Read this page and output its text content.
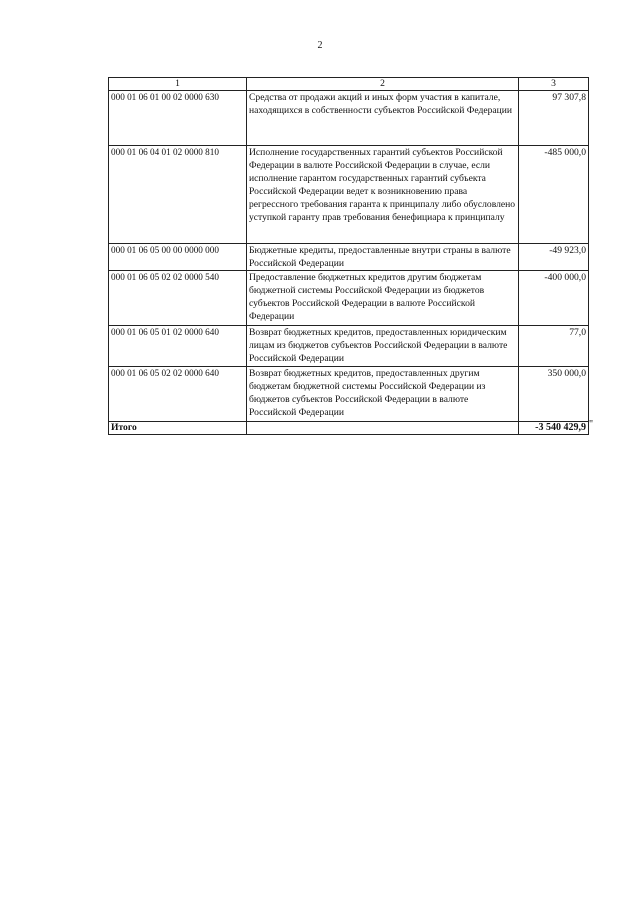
2
1	2	3
000 01 06 01 00 02 0000 630	Средства от продажи акций и иных форм участия в капитале, находящихся в собственности субъектов Российской Федерации	97 307,8
000 01 06 04 01 02 0000 810	Исполнение государственных гарантий субъектов Российской Федерации в валюте Российской Федерации в случае, если исполнение гарантом государственных гарантий субъекта Российской Федерации ведет к возникновению права регрессного требования гаранта к принципалу либо обусловлено уступкой гаранту прав требования бенефициара к принципалу	-485 000,0
000 01 06 05 00 00 0000 000	Бюджетные кредиты, предоставленные внутри страны в валюте Российской Федерации	-49 923,0
000 01 06 05 02 02 0000 540	Предоставление бюджетных кредитов другим бюджетам бюджетной системы Российской Федерации из бюджетов субъектов Российской Федерации в валюте Российской Федерации	-400 000,0
000 01 06 05 01 02 0000 640	Возврат бюджетных кредитов, предоставленных юридическим лицам из бюджетов субъектов Российской Федерации в валюте Российской Федерации	77,0
000 01 06 05 02 02 0000 640	Возврат бюджетных кредитов, предоставленных другим бюджетам бюджетной системы Российской Федерации из бюджетов субъектов Российской Федерации в валюте Российской Федерации	350 000,0
Итого		-3 540 429,9 "
